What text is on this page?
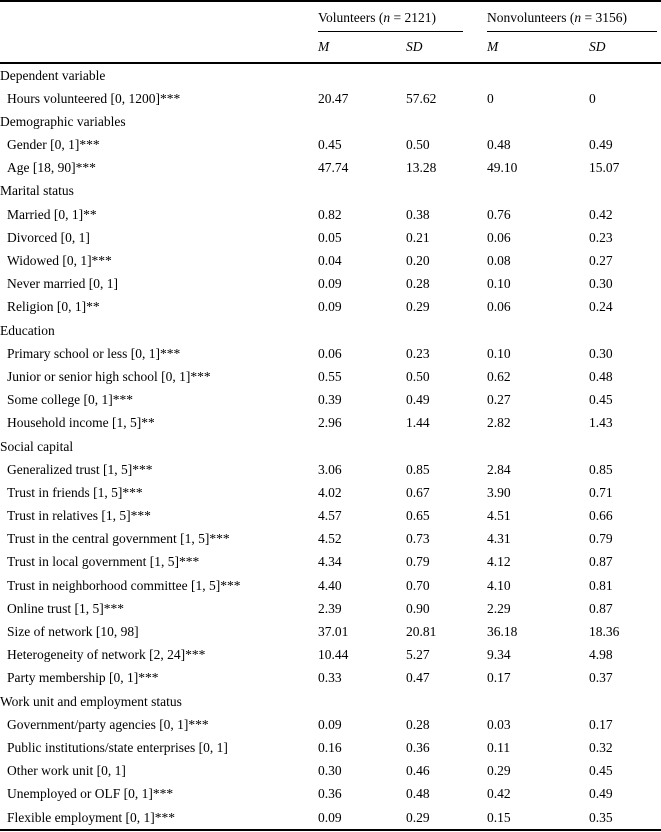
Volunteers (n = 2121)	Nonvolunteers (n = 3156)
M	SD	M	SD
Dependent variable
Hours volunteered [0, 1200]***	20.47	57.62	0	0
Demographic variables
Gender [0, 1]***	0.45	0.50	0.48	0.49
Age [18, 90]***	47.74	13.28	49.10	15.07
Marital status
Married [0, 1]**	0.82	0.38	0.76	0.42
Divorced [0, 1]	0.05	0.21	0.06	0.23
Widowed [0, 1]***	0.04	0.20	0.08	0.27
Never married [0, 1]	0.09	0.28	0.10	0.30
Religion [0, 1]**	0.09	0.29	0.06	0.24
Education
Primary school or less [0, 1]***	0.06	0.23	0.10	0.30
Junior or senior high school [0, 1]***	0.55	0.50	0.62	0.48
Some college [0, 1]***	0.39	0.49	0.27	0.45
Household income [1, 5]**	2.96	1.44	2.82	1.43
Social capital
Generalized trust [1, 5]***	3.06	0.85	2.84	0.85
Trust in friends [1, 5]***	4.02	0.67	3.90	0.71
Trust in relatives [1, 5]***	4.57	0.65	4.51	0.66
Trust in the central government [1, 5]***	4.52	0.73	4.31	0.79
Trust in local government [1, 5]***	4.34	0.79	4.12	0.87
Trust in neighborhood committee [1, 5]***	4.40	0.70	4.10	0.81
Online trust [1, 5]***	2.39	0.90	2.29	0.87
Size of network [10, 98]	37.01	20.81	36.18	18.36
Heterogeneity of network [2, 24]***	10.44	5.27	9.34	4.98
Party membership [0, 1]***	0.33	0.47	0.17	0.37
Work unit and employment status
Government/party agencies [0, 1]***	0.09	0.28	0.03	0.17
Public institutions/state enterprises [0, 1]	0.16	0.36	0.11	0.32
Other work unit [0, 1]	0.30	0.46	0.29	0.45
Unemployed or OLF [0, 1]***	0.36	0.48	0.42	0.49
Flexible employment [0, 1]***	0.09	0.29	0.15	0.35
